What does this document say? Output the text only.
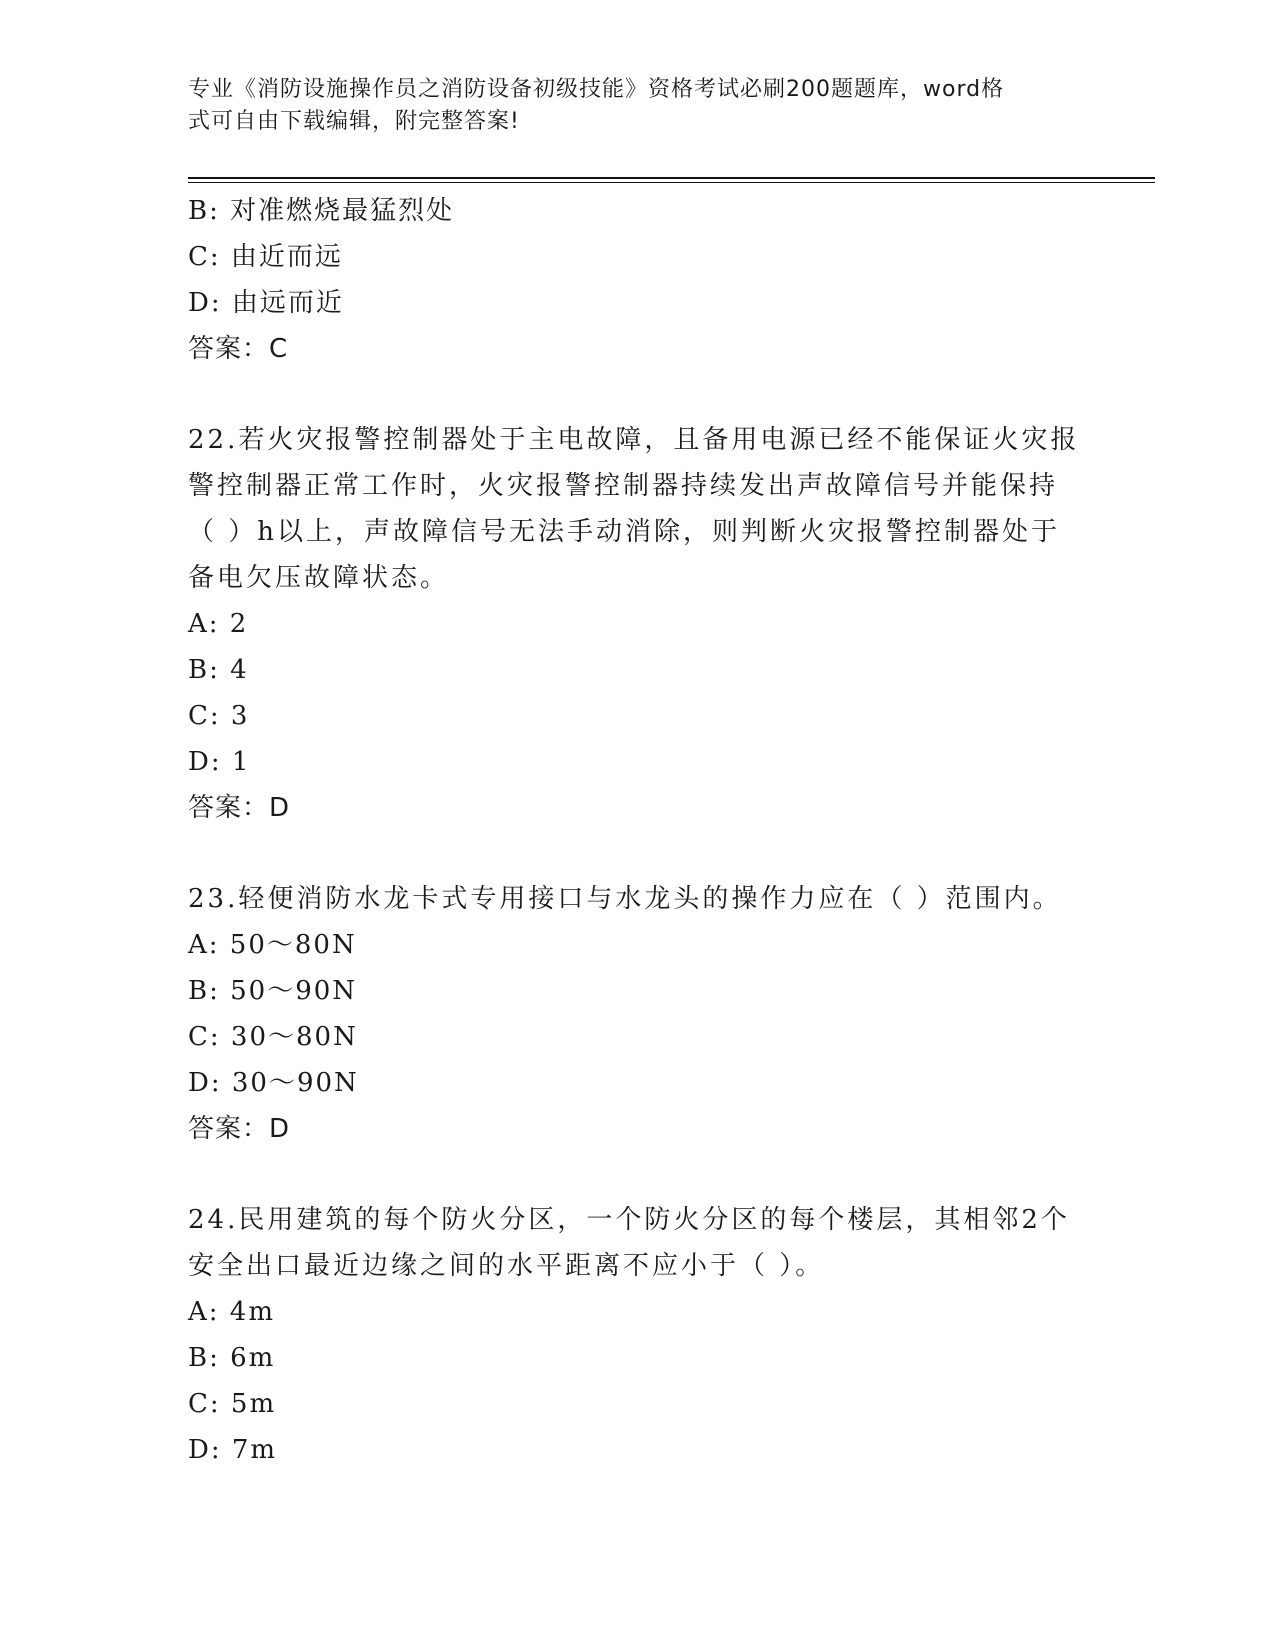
专业《消防设施操作员之消防设备初级技能》资格考试必刷200题题库，word格
式可自由下载编辑，附完整答案!
B: 对准燃烧最猛烈处
C: 由近而远
D: 由远而近
答案：C
22.若火灾报警控制器处于主电故障，且备用电源已经不能保证火灾报
警控制器正常工作时，火灾报警控制器持续发出声故障信号并能保持
（ ）h以上，声故障信号无法手动消除，则判断火灾报警控制器处于
备电欠压故障状态。
A: 2
B: 4
C: 3
D: 1
答案：D
23.轻便消防水龙卡式专用接口与水龙头的操作力应在（ ）范围内。
A: 50～80N
B: 50～90N
C: 30～80N
D: 30～90N
答案：D
24.民用建筑的每个防火分区，一个防火分区的每个楼层，其相邻2个
安全出口最近边缘之间的水平距离不应小于（ ）。
A: 4m
B: 6m
C: 5m
D: 7m
